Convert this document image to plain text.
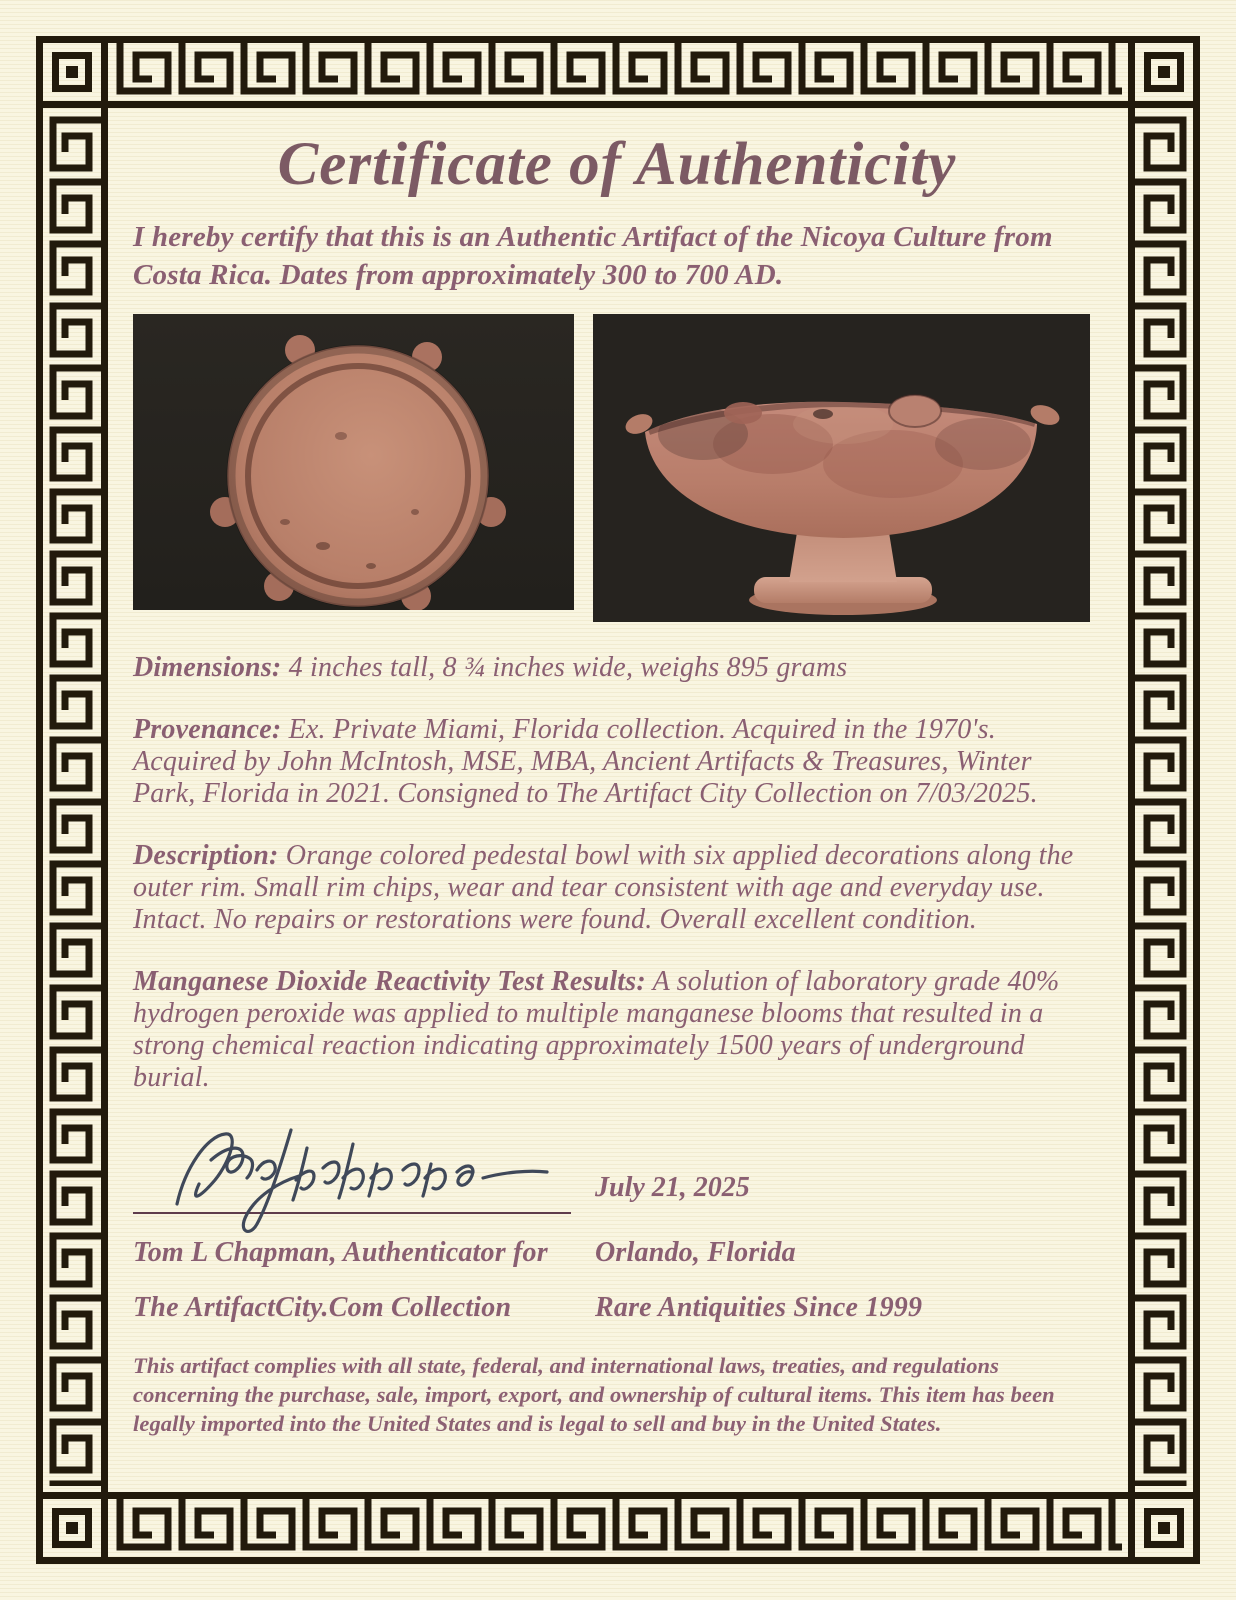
Certificate of Authenticity

I hereby certify that this is an Authentic Artifact of the Nicoya Culture from Costa Rica. Dates from approximately 300 to 700 AD.

Dimensions: 4 inches tall, 8 ¾ inches wide, weighs 895 grams

Provenance: Ex. Private Miami, Florida collection. Acquired in the 1970's. Acquired by John McIntosh, MSE, MBA, Ancient Artifacts & Treasures, Winter Park, Florida in 2021. Consigned to The Artifact City Collection on 7/03/2025.

Description: Orange colored pedestal bowl with six applied decorations along the outer rim. Small rim chips, wear and tear consistent with age and everyday use. Intact. No repairs or restorations were found. Overall excellent condition.

Manganese Dioxide Reactivity Test Results: A solution of laboratory grade 40% hydrogen peroxide was applied to multiple manganese blooms that resulted in a strong chemical reaction indicating approximately 1500 years of underground burial.

July 21, 2025
Tom L Chapman, Authenticator for	Orlando, Florida
The ArtifactCity.Com Collection	Rare Antiquities Since 1999

This artifact complies with all state, federal, and international laws, treaties, and regulations concerning the purchase, sale, import, export, and ownership of cultural items. This item has been legally imported into the United States and is legal to sell and buy in the United States.
